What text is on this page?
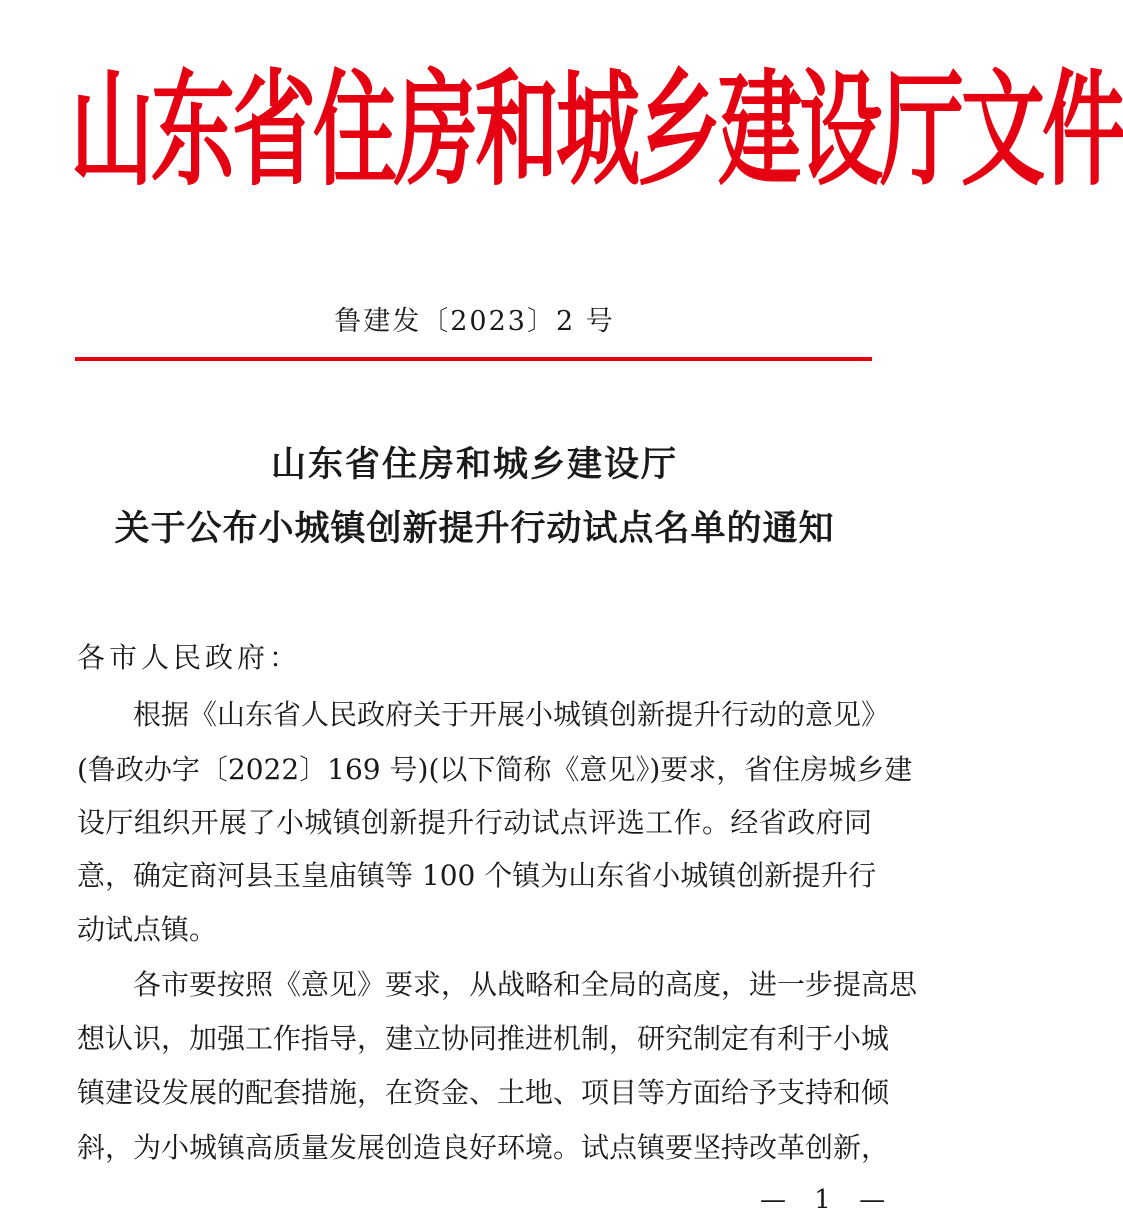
山东省住房和城乡建设厅文件
鲁建发〔2023〕2 号
山东省住房和城乡建设厅
关于公布小城镇创新提升行动试点名单的通知
各市人民政府：
根据《山东省人民政府关于开展小城镇创新提升行动的意见》
(鲁政办字〔2022〕169 号)(以下简称《意见》)要求，省住房城乡建
设厅组织开展了小城镇创新提升行动试点评选工作。经省政府同
意，确定商河县玉皇庙镇等 100 个镇为山东省小城镇创新提升行
动试点镇。
各市要按照《意见》要求，从战略和全局的高度，进一步提高思
想认识，加强工作指导，建立协同推进机制，研究制定有利于小城
镇建设发展的配套措施，在资金、土地、项目等方面给予支持和倾
斜，为小城镇高质量发展创造良好环境。试点镇要坚持改革创新，
— 1 —
